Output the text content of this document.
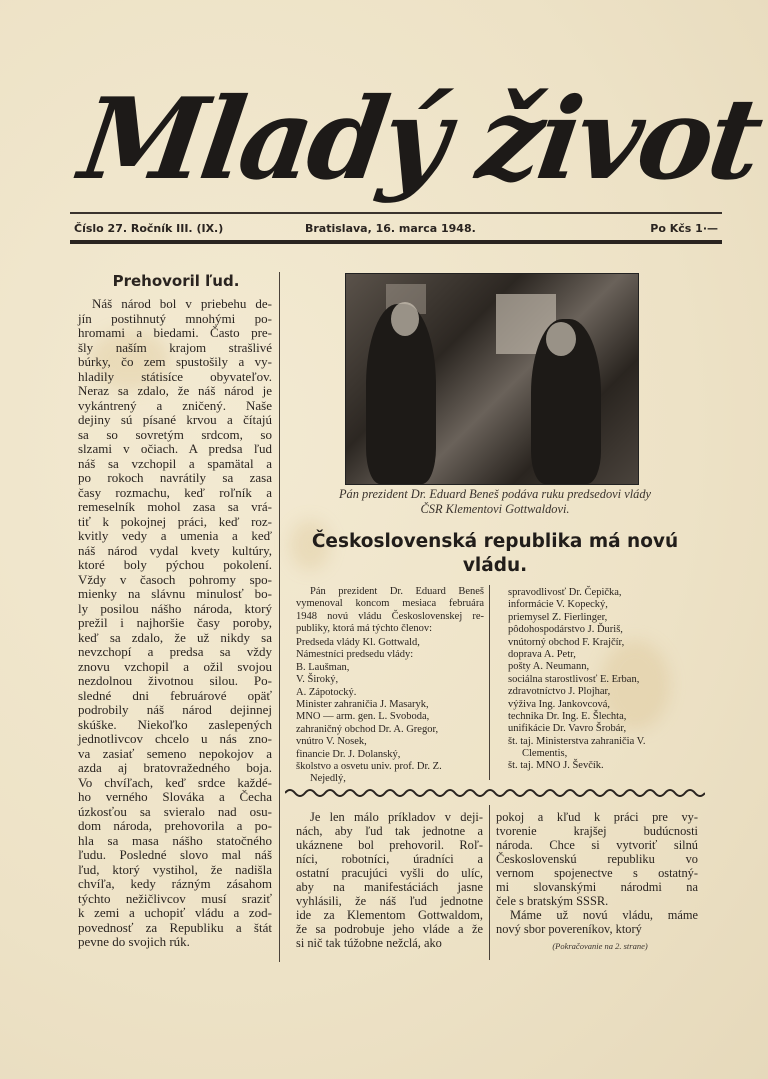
Mladý život
Číslo 27. Ročník III. (IX.)	Bratislava, 16. marca 1948.	Po Kčs 1·—
Prehovoril ľud.
Náš národ bol v priebehu de-
jín postihnutý mnohými po-
hromami a biedami. Často pre-
šly naším krajom strašlivé
búrky, čo zem spustošily a vy-
hladily státisíce obyvateľov.
Neraz sa zdalo, že náš národ je
vykántrený a zničený. Naše
dejiny sú písané krvou a čítajú
sa so sovretým srdcom, so
slzami v očiach. A predsa ľud
náš sa vzchopil a spamätal a
po rokoch navrátily sa zasa
časy rozmachu, keď roľník a
remeselník mohol zasa sa vrá-
tiť k pokojnej práci, keď roz-
kvitly vedy a umenia a keď
náš národ vydal kvety kultúry,
ktoré boly pýchou pokolení.
Vždy v časoch pohromy spo-
mienky na slávnu minulosť bo-
ly posilou nášho národa, ktorý
prežil i najhoršie časy poroby,
keď sa zdalo, že už nikdy sa
nevzchopí a predsa sa vždy
znovu vzchopil a ožil svojou
nezdolnou životnou silou. Po-
sledné dni februárové opäť
podrobily náš národ dejinnej
skúške. Niekoľko zaslepených
jednotlivcov chcelo u nás zno-
va zasiať semeno nepokojov a
azda aj bratovražedného boja.
Vo chvíľach, keď srdce každé-
ho verného Slováka a Čecha
úzkosťou sa svieralo nad osu-
dom národa, prehovorila a po-
hla sa masa nášho statočného
ľudu. Posledné slovo mal náš
ľud, ktorý vystihol, že nadišla
chvíľa, kedy rázným zásahom
týchto nežičlivcov musí sraziť
k zemi a uchopiť vládu a zod-
povednosť za Republiku a štát
pevne do svojich rúk.
Pán prezident Dr. Eduard Beneš podáva ruku predsedovi vlády
ČSR Klementovi Gottwaldovi.
Československá republika má novú
vládu.
Pán prezident Dr. Eduard Beneš
vymenoval koncom mesiaca februára
1948 novú vládu Československej re-
publiky, ktorá má týchto členov:
Predseda vlády Kl. Gottwald,
Námestníci predsedu vlády:
B. Laušman,
V. Široký,
A. Zápotocký.
Minister zahraničia J. Masaryk,
MNO — arm. gen. L. Svoboda,
zahraničný obchod Dr. A. Gregor,
vnútro V. Nosek,
financie Dr. J. Dolanský,
školstvo a osvetu univ. prof. Dr. Z.
Nejedlý,
spravodlivosť Dr. Čepička,
informácie V. Kopecký,
priemysel Z. Fierlinger,
pôdohospodárstvo J. Ďuriš,
vnútorný obchod F. Krajčír,
doprava A. Petr,
pošty A. Neumann,
sociálna starostlivosť E. Erban,
zdravotníctvo J. Plojhar,
výživa Ing. Jankovcová,
technika Dr. Ing. E. Šlechta,
unifikácie Dr. Vavro Šrobár,
št. taj. Ministerstva zahraničia V.
Clementis,
št. taj. MNO J. Ševčík.
Je len málo príkladov v deji-
nách, aby ľud tak jednotne a
ukáznene bol prehovoril. Roľ-
níci, robotníci, úradníci a
ostatní pracujúci vyšli do ulíc,
aby na manifestáciách jasne
vyhlásili, že náš ľud jednotne
ide za Klementom Gottwaldom,
že sa podrobuje jeho vláde a že
si nič tak túžobne nežclá, ako
pokoj a kľud k práci pre vy-
tvorenie krajšej budúcnosti
národa. Chce si vytvoriť silnú
Československú republiku vo
vernom spojenectve s ostatný-
mi slovanskými národmi na
čele s bratským SSSR.
Máme už novú vládu, máme
nový sbor povereníkov, ktorý
(Pokračovanie na 2. strane)
